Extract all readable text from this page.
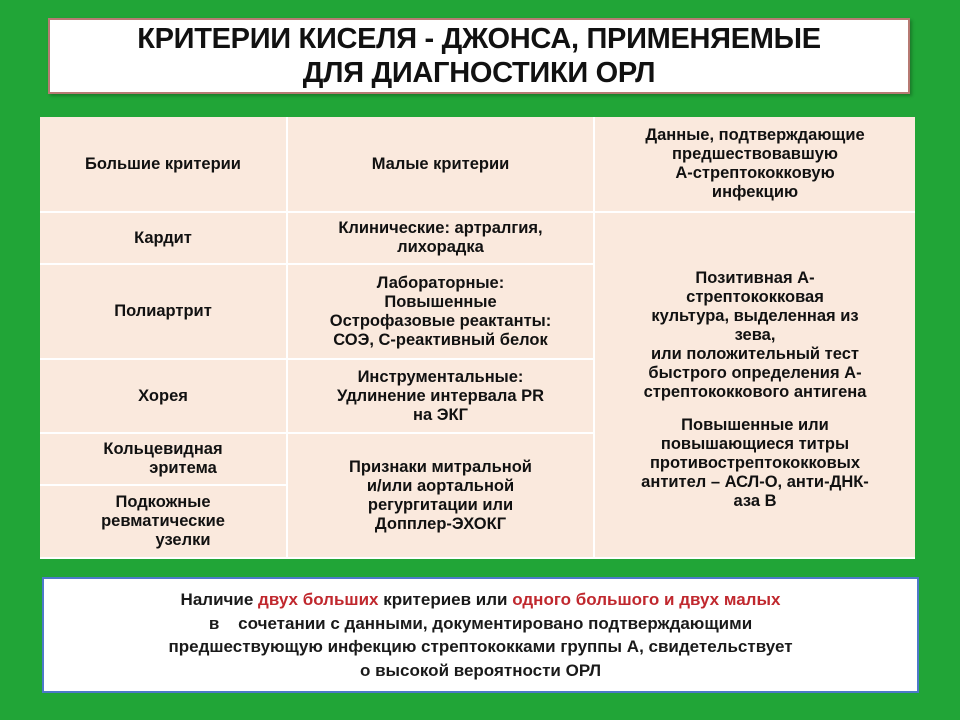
КРИТЕРИИ КИСЕЛЯ - ДЖОНСА, ПРИМЕНЯЕМЫЕ
ДЛЯ ДИАГНОСТИКИ ОРЛ
Большие критерии	Малые критерии
Данные, подтверждающие
предшествовавшую
А-стрептококковую
инфекцию
Кардит
Полиартрит
Хорея
Кольцевидная
эритема
Подкожные
ревматические
узелки
Клинические: артралгия,
лихорадка
Лабораторные:
Повышенные
Острофазовые реактанты:
СОЭ, С-реактивный белок
Инструментальные:
Удлинение интервала PR
на ЭКГ
Признаки митральной
и/или аортальной
регургитации или
Допплер-ЭХОКГ
Позитивная А-
стрептококковая
культура, выделенная из
зева,
или положительный тест
быстрого определения А-
стрептококкового антигена
Повышенные или
повышающиеся титры
противострептококковых
антител – АСЛ-О, анти-ДНК-
аза В
Наличие двух больших критериев или одного большого и двух малых
в    сочетании с данными, документировано подтверждающими
предшествующую инфекцию стрептококками группы А, свидетельствует
о высокой вероятности ОРЛ
